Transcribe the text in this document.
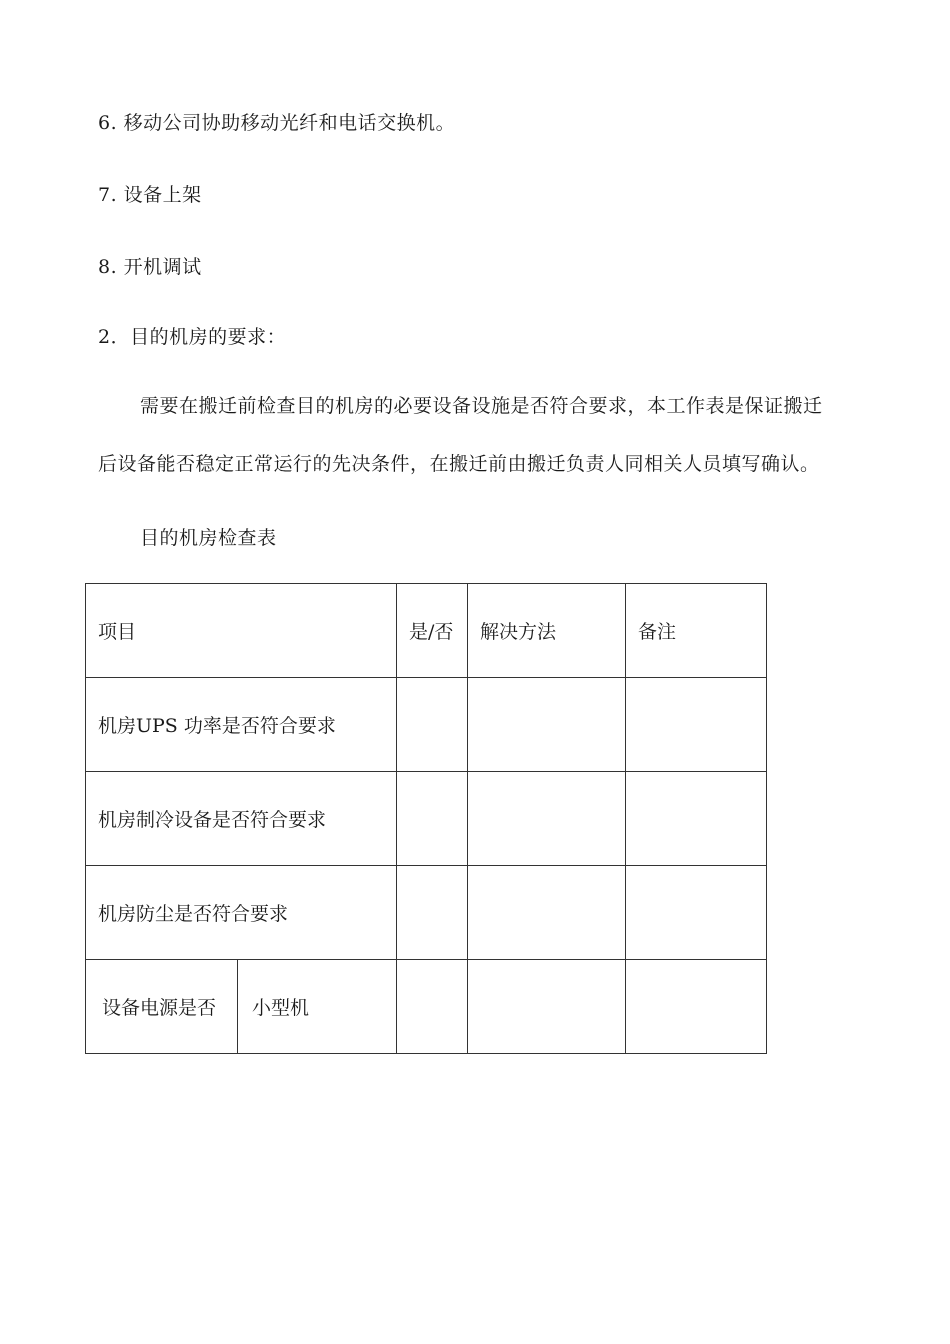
6. 移动公司协助移动光纤和电话交换机。
7. 设备上架
8. 开机调试
2．目的机房的要求：
需要在搬迁前检查目的机房的必要设备设施是否符合要求，本工作表是保证搬迁
后设备能否稳定正常运行的先决条件，在搬迁前由搬迁负责人同相关人员填写确认。
目的机房检查表
项目		是/否	解决方法	备注
机房UPS 功率是否符合要求				
机房制冷设备是否符合要求				
机房防尘是否符合要求				
设备电源是否	小型机			
